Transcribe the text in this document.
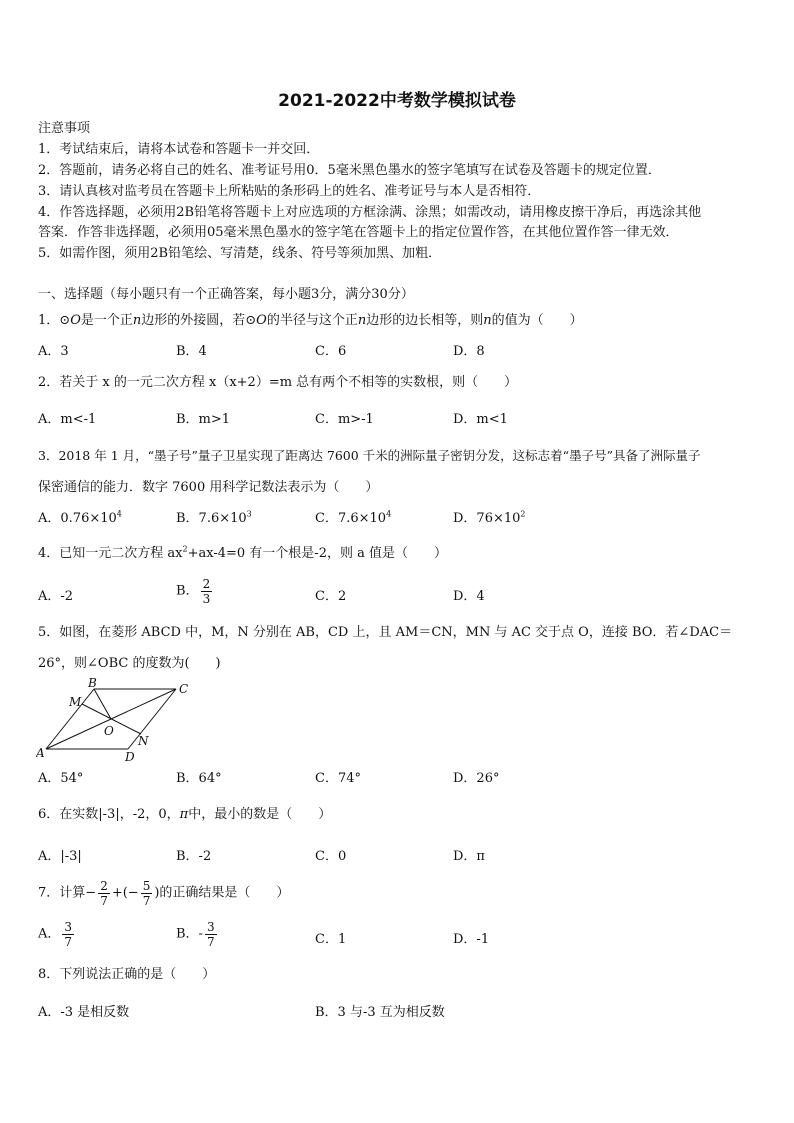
2021-2022中考数学模拟试卷
注意事项
1．考试结束后，请将本试卷和答题卡一并交回．
2．答题前，请务必将自己的姓名、准考证号用0．5毫米黑色墨水的签字笔填写在试卷及答题卡的规定位置．
3．请认真核对监考员在答题卡上所粘贴的条形码上的姓名、准考证号与本人是否相符．
4．作答选择题，必须用2B铅笔将答题卡上对应选项的方框涂满、涂黑；如需改动，请用橡皮擦干净后，再选涂其他
答案．作答非选择题，必须用05毫米黑色墨水的签字笔在答题卡上的指定位置作答，在其他位置作答一律无效．
5．如需作图，须用2B铅笔绘、写清楚，线条、符号等须加黑、加粗．
一、选择题（每小题只有一个正确答案，每小题3分，满分30分）
1．⊙O是一个正n边形的外接圆，若⊙O的半径与这个正n边形的边长相等，则n的值为（　　）
A．3	B．4	C．6	D．8
2．若关于 x 的一元二次方程 x（x+2）=m 总有两个不相等的实数根，则（　　）
A．m<-1	B．m>1	C．m>-1	D．m<1
3．2018 年 1 月，“墨子号”量子卫星实现了距离达 7600 千米的洲际量子密钥分发，这标志着“墨子号”具备了洲际量子
保密通信的能力．数字 7600 用科学记数法表示为（　　）
A．$0.76\times 10^4$	B．$7.6\times 10^3$	C．$7.6\times 10^4$	D．$76\times 10^2$
4．已知一元二次方程 $ax^2+ax-4=0$ 有一个根是-2，则 a 值是（　　）
A．-2	B． $\frac{2}{3}$	C．2	D．4
5．如图，在菱形 ABCD 中，M，N 分别在 AB，CD 上，且 AM＝CN，MN 与 AC 交于点 O，连接 BO．若∠DAC＝
26°，则∠OBC 的度数为(　　)
A
B	C
D
M
N
O
A．54°	B．64°	C．74°	D．26°
6．在实数|-3|，-2，0，π中，最小的数是（　　）
A．|-3|	B．-2	C．0	D．π
7．计算− $\frac{2}{7}$ +(− $\frac{5}{7}$ )的正确结果是（　　）
A． $\frac{3}{7}$	B．- $\frac{3}{7}$	C．1	D．-1
8．下列说法正确的是（　　）
A．-3 是相反数	B．3 与-3 互为相反数
